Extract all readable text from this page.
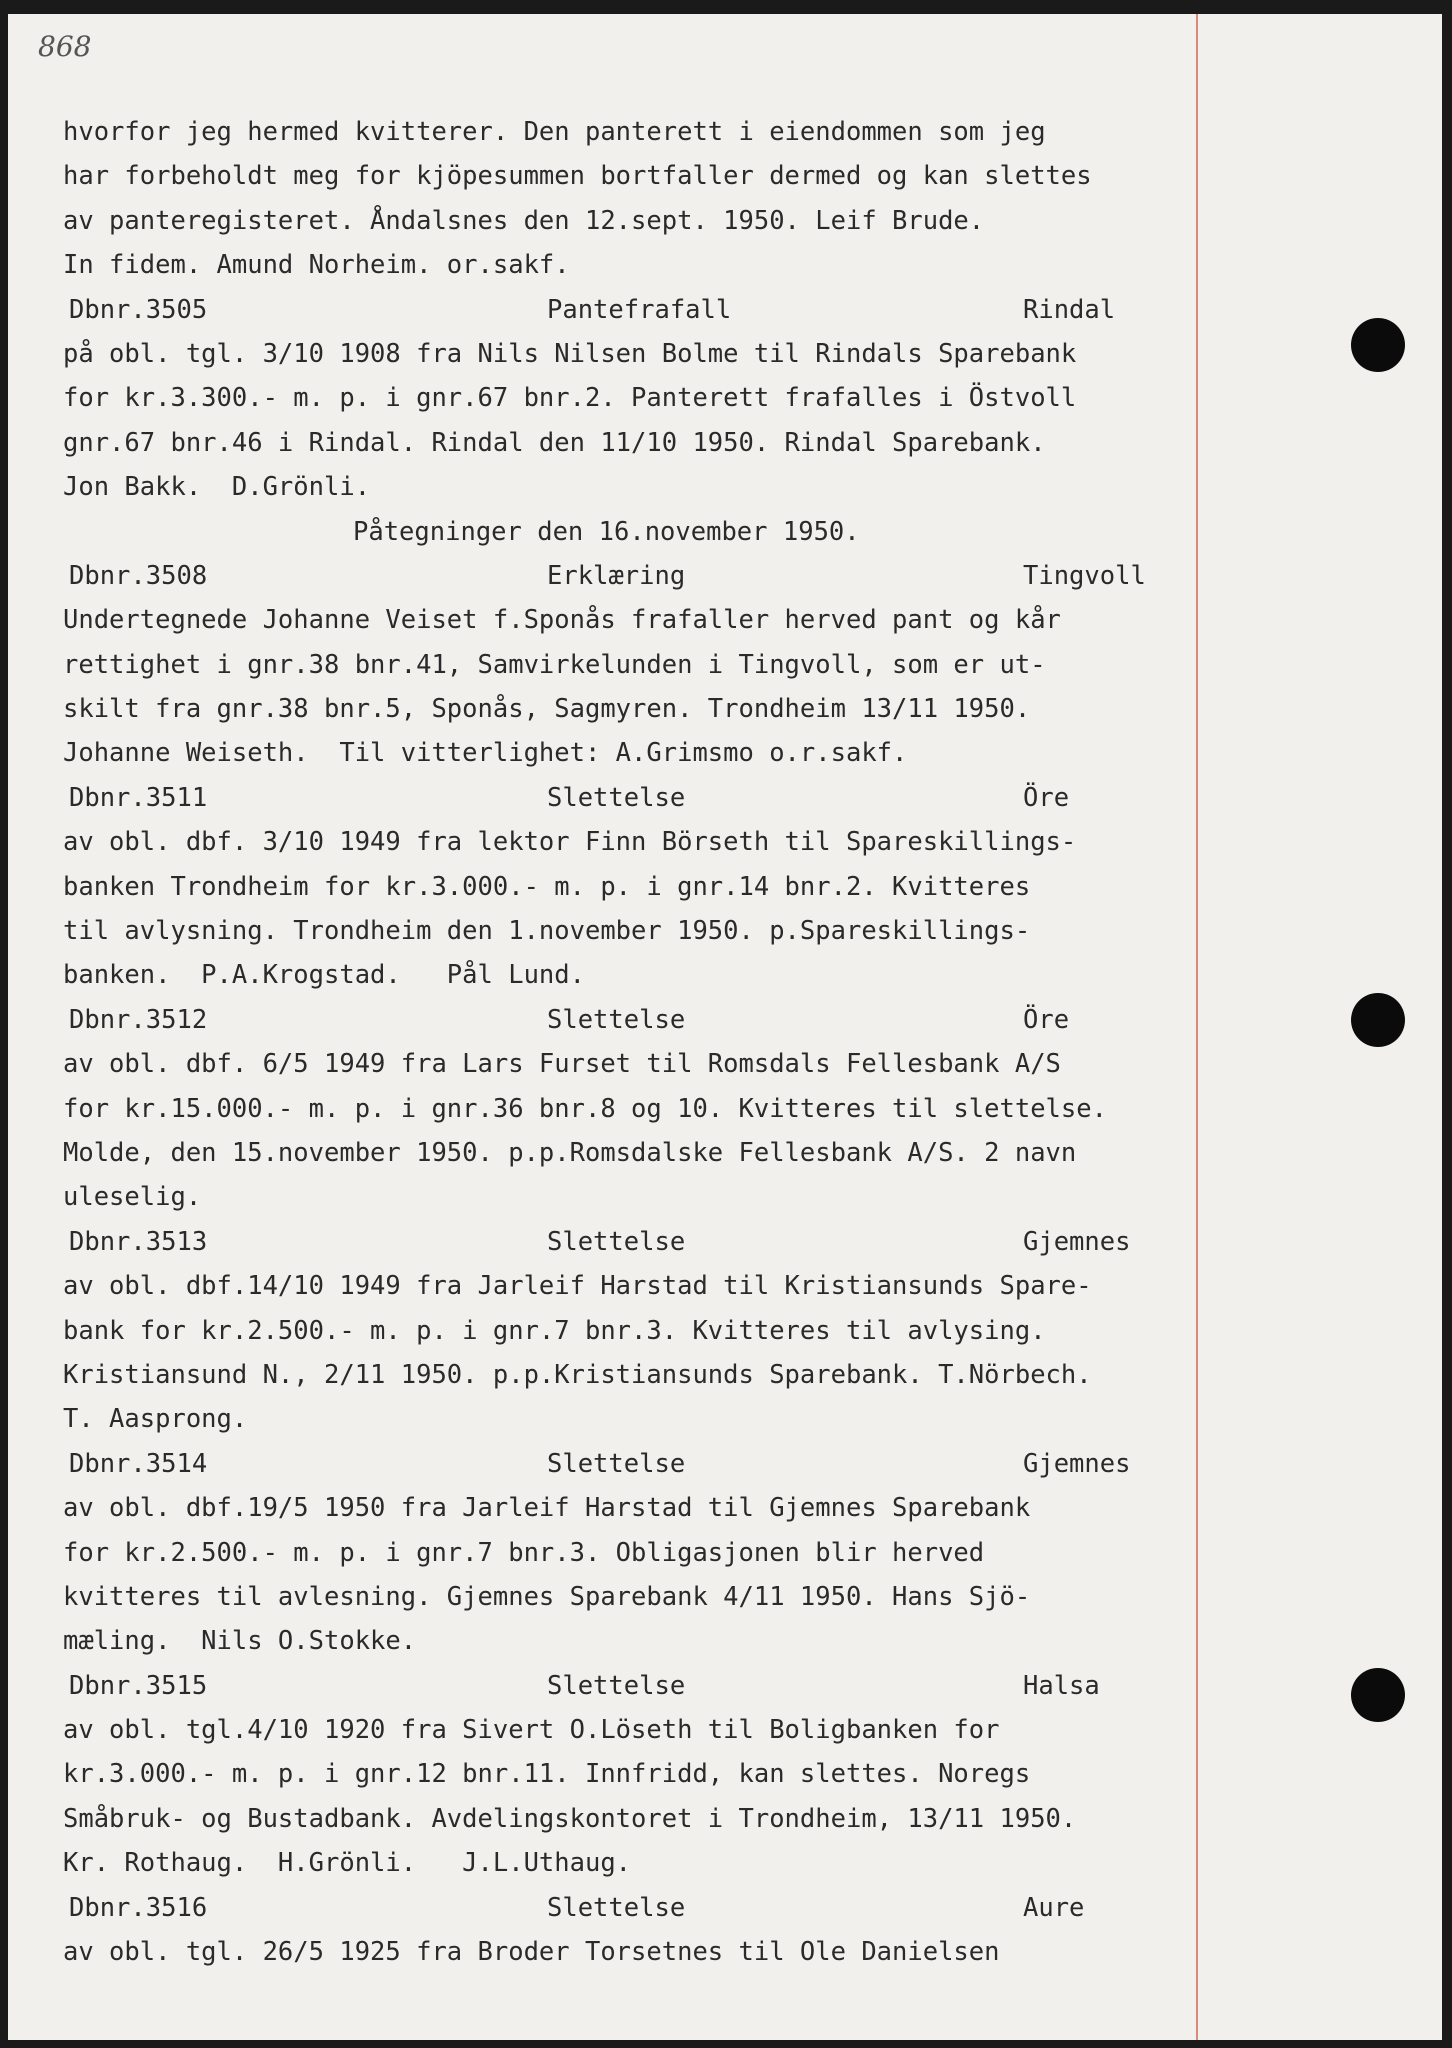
868
hvorfor jeg hermed kvitterer. Den panterett i eiendommen som jeg
har forbeholdt meg for kjöpesummen bortfaller dermed og kan slettes
av panteregisteret. Åndalsnes den 12.sept. 1950. Leif Brude.
In fidem. Amund Norheim. or.sakf.
Dbnr.3505	Pantefrafall	Rindal
på obl. tgl. 3/10 1908 fra Nils Nilsen Bolme til Rindals Sparebank
for kr.3.300.- m. p. i gnr.67 bnr.2. Panterett frafalles i Östvoll
gnr.67 bnr.46 i Rindal. Rindal den 11/10 1950. Rindal Sparebank.
Jon Bakk.  D.Grönli.
Påtegninger den 16.november 1950.
Dbnr.3508	Erklæring	Tingvoll
Undertegnede Johanne Veiset f.Sponås frafaller herved pant og kår
rettighet i gnr.38 bnr.41, Samvirkelunden i Tingvoll, som er ut-
skilt fra gnr.38 bnr.5, Sponås, Sagmyren. Trondheim 13/11 1950.
Johanne Weiseth.  Til vitterlighet: A.Grimsmo o.r.sakf.
Dbnr.3511	Slettelse	Öre
av obl. dbf. 3/10 1949 fra lektor Finn Börseth til Spareskillings-
banken Trondheim for kr.3.000.- m. p. i gnr.14 bnr.2. Kvitteres
til avlysning. Trondheim den 1.november 1950. p.Spareskillings-
banken.  P.A.Krogstad.   Pål Lund.
Dbnr.3512	Slettelse	Öre
av obl. dbf. 6/5 1949 fra Lars Furset til Romsdals Fellesbank A/S
for kr.15.000.- m. p. i gnr.36 bnr.8 og 10. Kvitteres til slettelse.
Molde, den 15.november 1950. p.p.Romsdalske Fellesbank A/S. 2 navn
uleselig.
Dbnr.3513	Slettelse	Gjemnes
av obl. dbf.14/10 1949 fra Jarleif Harstad til Kristiansunds Spare-
bank for kr.2.500.- m. p. i gnr.7 bnr.3. Kvitteres til avlysing.
Kristiansund N., 2/11 1950. p.p.Kristiansunds Sparebank. T.Nörbech.
T. Aasprong.
Dbnr.3514	Slettelse	Gjemnes
av obl. dbf.19/5 1950 fra Jarleif Harstad til Gjemnes Sparebank
for kr.2.500.- m. p. i gnr.7 bnr.3. Obligasjonen blir herved
kvitteres til avlesning. Gjemnes Sparebank 4/11 1950. Hans Sjö-
mæling.  Nils O.Stokke.
Dbnr.3515	Slettelse	Halsa
av obl. tgl.4/10 1920 fra Sivert O.Löseth til Boligbanken for
kr.3.000.- m. p. i gnr.12 bnr.11. Innfridd, kan slettes. Noregs
Småbruk- og Bustadbank. Avdelingskontoret i Trondheim, 13/11 1950.
Kr. Rothaug.  H.Grönli.   J.L.Uthaug.
Dbnr.3516	Slettelse	Aure
av obl. tgl. 26/5 1925 fra Broder Torsetnes til Ole Danielsen
